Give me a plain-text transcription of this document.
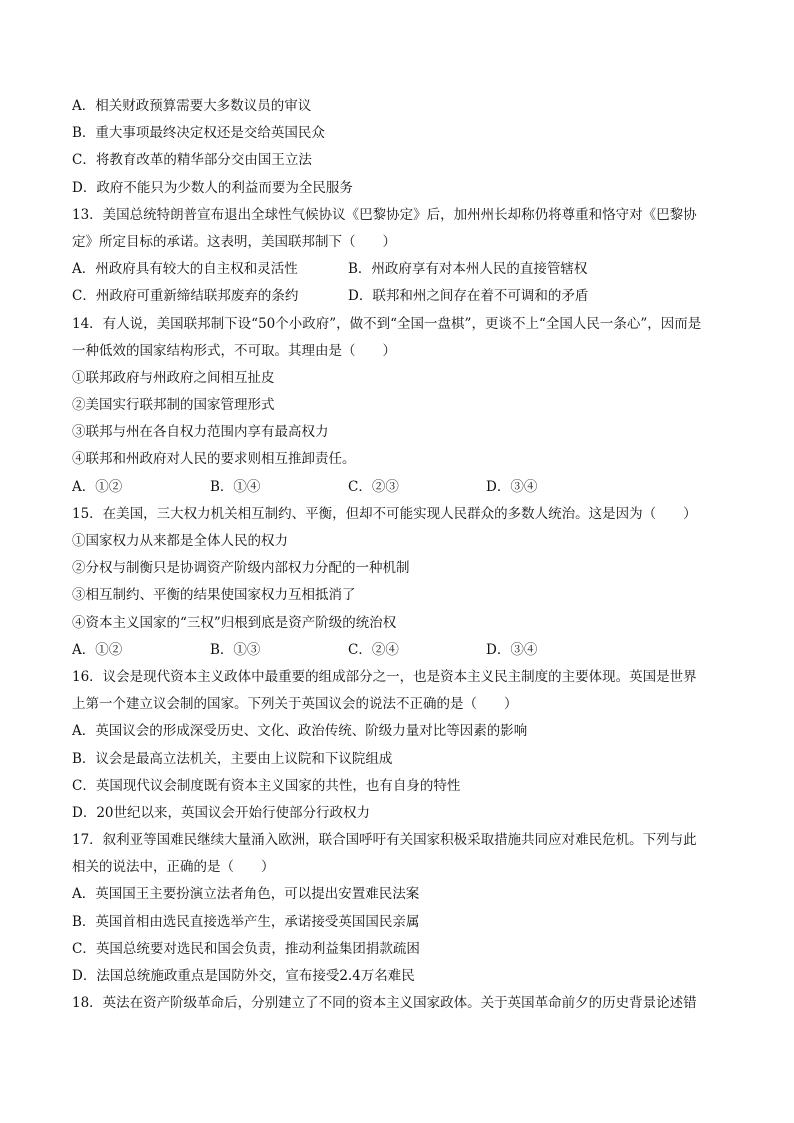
A．相关财政预算需要大多数议员的审议
B．重大事项最终决定权还是交给英国民众
C．将教育改革的精华部分交由国王立法
D．政府不能只为少数人的利益而要为全民服务
13．美国总统特朗普宣布退出全球性气候协议《巴黎协定》后，加州州长却称仍将尊重和恪守对《巴黎协
定》所定目标的承诺。这表明，美国联邦制下（　　）
A．州政府具有较大的自主权和灵活性	B．州政府享有对本州人民的直接管辖权
C．州政府可重新缔结联邦废弃的条约	D．联邦和州之间存在着不可调和的矛盾
14．有人说，美国联邦制下设“50个小政府”，做不到“全国一盘棋”，更谈不上“全国人民一条心”，因而是
一种低效的国家结构形式，不可取。其理由是（　　）
①联邦政府与州政府之间相互扯皮
②美国实行联邦制的国家管理形式
③联邦与州在各自权力范围内享有最高权力
④联邦和州政府对人民的要求则相互推卸责任。
A．①②	B．①④	C．②③	D．③④
15．在美国，三大权力机关相互制约、平衡，但却不可能实现人民群众的多数人统治。这是因为（　　）
①国家权力从来都是全体人民的权力
②分权与制衡只是协调资产阶级内部权力分配的一种机制
③相互制约、平衡的结果使国家权力互相抵消了
④资本主义国家的“三权”归根到底是资产阶级的统治权
A．①②	B．①③	C．②④	D．③④
16．议会是现代资本主义政体中最重要的组成部分之一，也是资本主义民主制度的主要体现。英国是世界
上第一个建立议会制的国家。下列关于英国议会的说法不正确的是（　　）
A．英国议会的形成深受历史、文化、政治传统、阶级力量对比等因素的影响
B．议会是最高立法机关，主要由上议院和下议院组成
C．英国现代议会制度既有资本主义国家的共性，也有自身的特性
D．20世纪以来，英国议会开始行使部分行政权力
17．叙利亚等国难民继续大量涌入欧洲，联合国呼吁有关国家积极采取措施共同应对难民危机。下列与此
相关的说法中，正确的是（　　）
A．英国国王主要扮演立法者角色，可以提出安置难民法案
B．英国首相由选民直接选举产生，承诺接受英国国民亲属
C．英国总统要对选民和国会负责，推动利益集团捐款疏困
D．法国总统施政重点是国防外交，宣布接受2.4万名难民
18．英法在资产阶级革命后，分别建立了不同的资本主义国家政体。关于英国革命前夕的历史背景论述错
